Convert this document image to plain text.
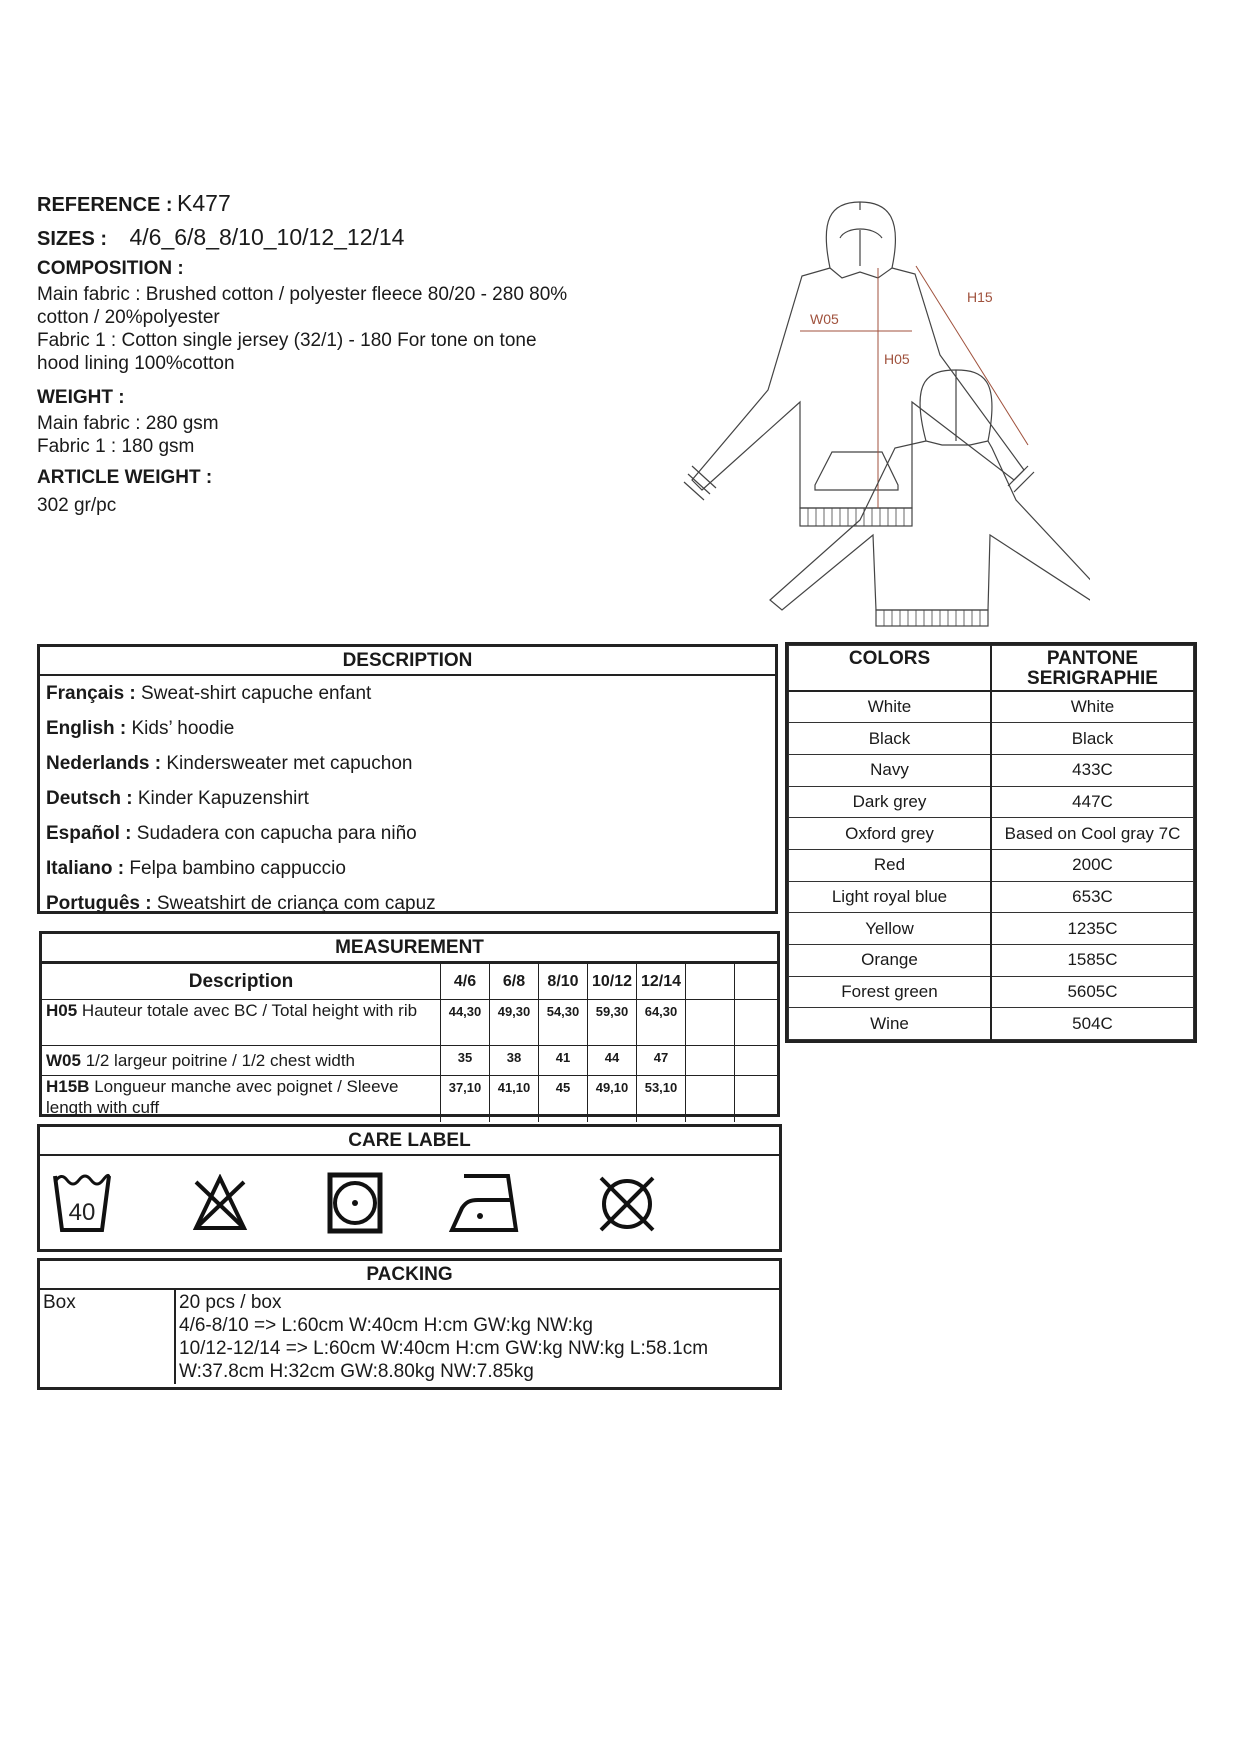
REFERENCE : K477
SIZES : 4/6_6/8_8/10_10/12_12/14
COMPOSITION :
Main fabric : Brushed cotton / polyester fleece 80/20 - 280 80%
cotton / 20%polyester
Fabric 1 : Cotton single jersey (32/1) - 180 For tone on tone
hood lining 100%cotton
WEIGHT :
Main fabric : 280 gsm
Fabric 1 : 180 gsm
ARTICLE WEIGHT :
302 gr/pc
W05
H05
H15
DESCRIPTION
Français : Sweat-shirt capuche enfant
English : Kids’ hoodie
Nederlands : Kindersweater met capuchon
Deutsch : Kinder Kapuzenshirt
Español : Sudadera con capucha para niño
Italiano : Felpa bambino cappuccio
Português : Sweatshirt de criança com capuz
COLORS	PANTONE
SERIGRAPHIE

White	White
Black	Black
Navy	433C
Dark grey	447C
Oxford grey	Based on Cool gray 7C
Red	200C
Light royal blue	653C
Yellow	1235C
Orange	1585C
Forest green	5605C
Wine	504C
MEASUREMENT
Description	4/6	6/8	8/10	10/12	12/14		
H05 Hauteur totale avec BC / Total height with rib	44,30	49,30	54,30	59,30	64,30		
W05 1/2 largeur poitrine / 1/2 chest width	35	38	41	44	47		
H15B Longueur manche avec poignet / Sleeve length with cuff	37,10	41,10	45	49,10	53,10		
CARE LABEL
40
PACKING
Box	20 pcs / box
4/6-8/10 => L:60cm W:40cm H:cm GW:kg NW:kg
10/12-12/14 => L:60cm W:40cm H:cm GW:kg NW:kg L:58.1cm
W:37.8cm H:32cm GW:8.80kg NW:7.85kg
